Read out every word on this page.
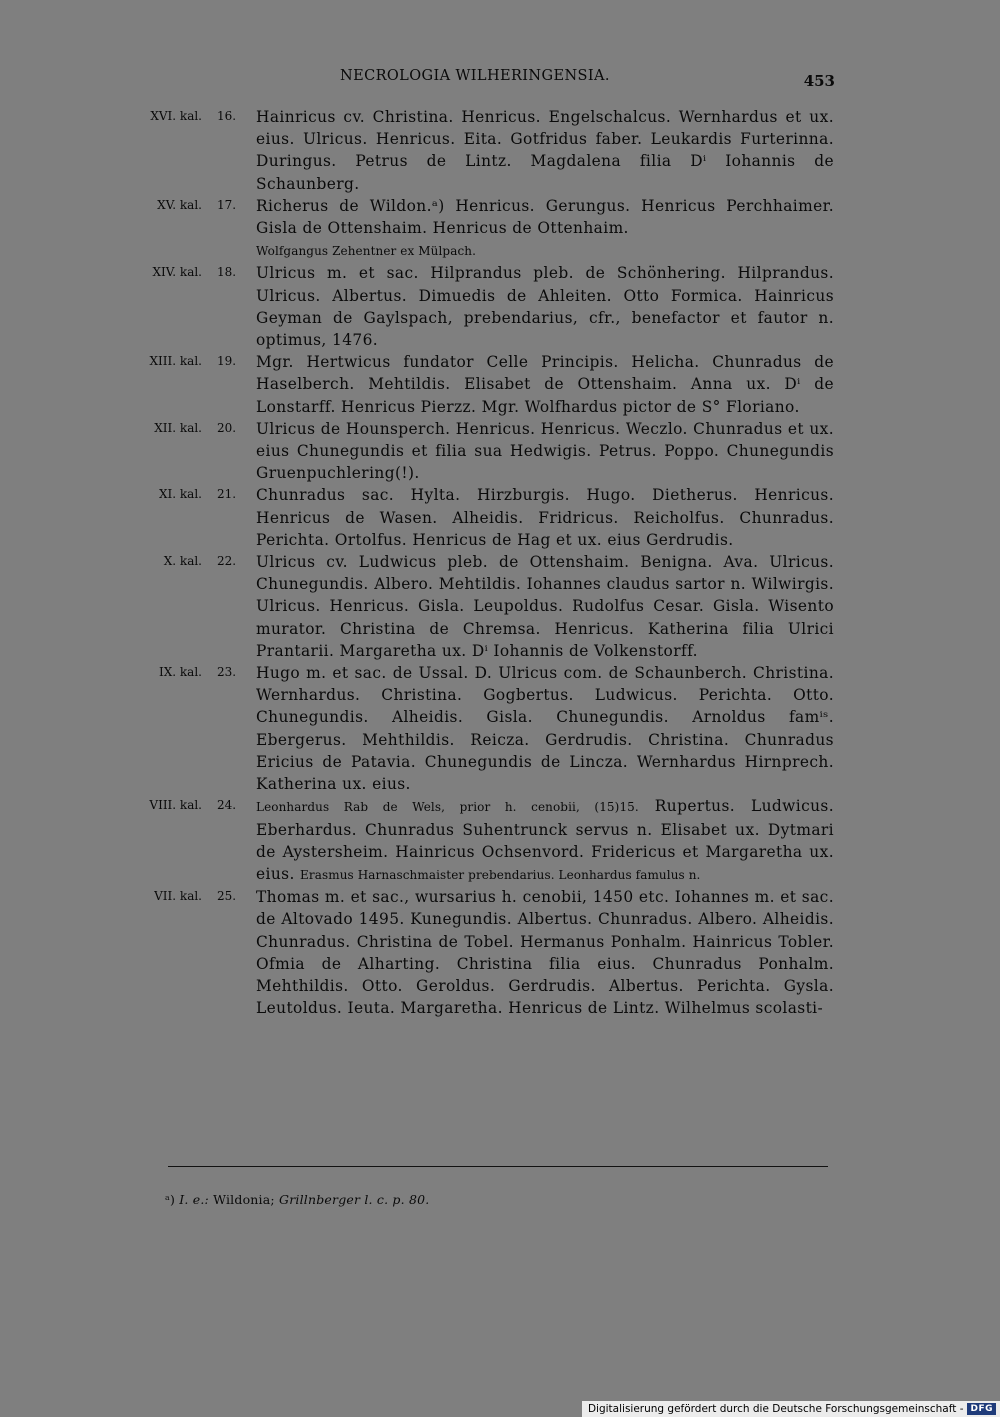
NECROLOGIA WILHERINGENSIA.	453
XVI. kal. 16. Hainricus cv. Christina. Henricus. Engelschalcus. Wernhardus et ux. eius. Ulricus. Henricus. Eita. Gotfridus faber. Leukardis Furterinna. Duringus. Petrus de Lintz. Magdalena filia Dⁱ Iohannis de Schaunberg.
XV. kal. 17. Richerus de Wildon.ᵃ) Henricus. Gerungus. Henricus Perchhaimer. Gisla de Ottenshaim. Henricus de Ottenhaim.
Wolfgangus Zehentner ex Mülpach.
XIV. kal. 18. Ulricus m. et sac. Hilprandus pleb. de Schönhering. Hilprandus. Ulricus. Albertus. Dimuedis de Ahleiten. Otto Formica. Hainricus Geyman de Gaylspach, prebendarius, cfr., benefactor et fautor n. optimus, 1476.
XIII. kal. 19. Mgr. Hertwicus fundator Celle Principis. Helicha. Chunradus de Haselberch. Mehtildis. Elisabet de Ottenshaim. Anna ux. Dⁱ de Lonstarff. Henricus Pierzz. Mgr. Wolfhardus pictor de S° Floriano.
XII. kal. 20. Ulricus de Hounsperch. Henricus. Henricus. Weczlo. Chunradus et ux. eius Chunegundis et filia sua Hedwigis. Petrus. Poppo. Chunegundis Gruenpuchlering(!).
XI. kal. 21. Chunradus sac. Hylta. Hirzburgis. Hugo. Dietherus. Henricus. Henricus de Wasen. Alheidis. Fridricus. Reicholfus. Chunradus. Perichta. Ortolfus. Henricus de Hag et ux. eius Gerdrudis.
X. kal. 22. Ulricus cv. Ludwicus pleb. de Ottenshaim. Benigna. Ava. Ulricus. Chunegundis. Albero. Mehtildis. Iohannes claudus sartor n. Wilwirgis. Ulricus. Henricus. Gisla. Leupoldus. Rudolfus Cesar. Gisla. Wisento murator. Christina de Chremsa. Henricus. Katherina filia Ulrici Prantarii. Margaretha ux. Dⁱ Iohannis de Volkenstorff.
IX. kal. 23. Hugo m. et sac. de Ussal. D. Ulricus com. de Schaunberch. Christina. Wernhardus. Christina. Gogbertus. Ludwicus. Perichta. Otto. Chunegundis. Alheidis. Gisla. Chunegundis. Arnoldus famⁱˢ. Ebergerus. Mehthildis. Reicza. Gerdrudis. Christina. Chunradus Ericius de Patavia. Chunegundis de Lincza. Wernhardus Hirnprech. Katherina ux. eius.
VIII. kal. 24. Leonhardus Rab de Wels, prior h. cenobii, (15)15. Rupertus. Ludwicus. Eberhardus. Chunradus Suhentrunck servus n. Elisabet ux. Dytmari de Aystersheim. Hainricus Ochsenvord. Fridericus et Margaretha ux. eius. Erasmus Harnaschmaister prebendarius. Leonhardus famulus n.
VII. kal. 25. Thomas m. et sac., wursarius h. cenobii, 1450 etc. Iohannes m. et sac. de Altovado 1495. Kunegundis. Albertus. Chunradus. Albero. Alheidis. Chunradus. Christina de Tobel. Hermanus Ponhalm. Hainricus Tobler. Ofmia de Alharting. Christina filia eius. Chunradus Ponhalm. Mehthildis. Otto. Geroldus. Gerdrudis. Albertus. Perichta. Gysla. Leutoldus. Ieuta. Margaretha. Henricus de Lintz. Wilhelmus scolasti-
ᵃ) I. e.: Wildonia; Grillnberger l. c. p. 80.
Digitalisierung gefördert durch die Deutsche Forschungsgemeinschaft - DFG
